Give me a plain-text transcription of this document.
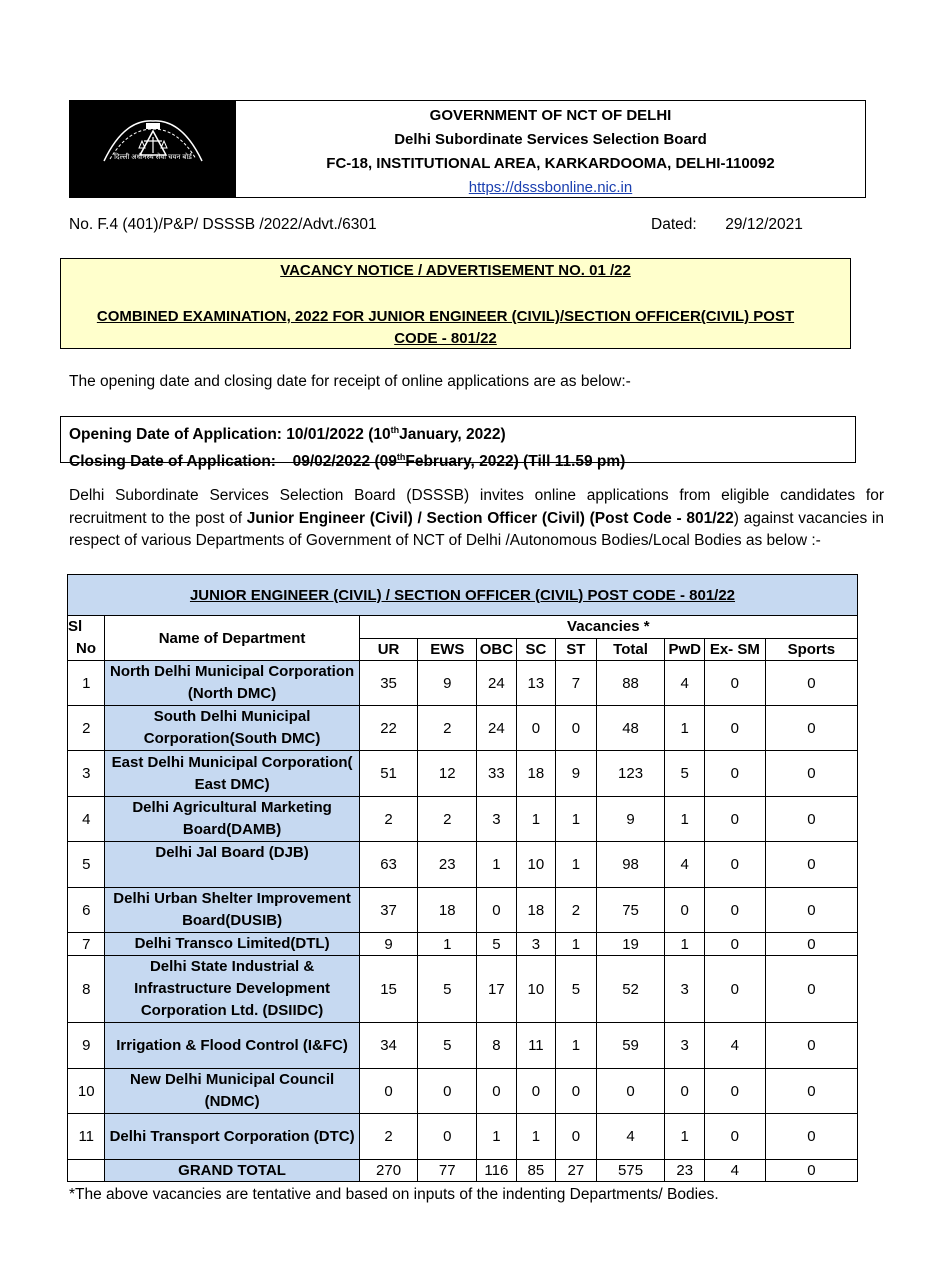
दिल्ली अधीनस्थ सेवा चयन बोर्ड
GOVERNMENT OF NCT OF DELHI
Delhi Subordinate Services Selection Board
FC-18, INSTITUTIONAL AREA, KARKARDOOMA, DELHI-110092
https://dsssbonline.nic.in
No. F.4 (401)/P&P/ DSSSB /2022/Advt./6301	Dated: 29/12/2021
VACANCY NOTICE / ADVERTISEMENT NO. 01 /22
COMBINED EXAMINATION, 2022 FOR JUNIOR ENGINEER (CIVIL)/SECTION OFFICER(CIVIL) POST CODE - 801/22
The opening date and closing date for receipt of online applications are as below:-
Opening Date of Application: 10/01/2022 (10thJanuary, 2022)
Closing Date of Application: 09/02/2022 (09thFebruary, 2022) (Till 11.59 pm)
Delhi Subordinate Services Selection Board (DSSSB) invites online applications from eligible candidates for recruitment to the post of Junior Engineer (Civil) / Section Officer (Civil) (Post Code - 801/22) against vacancies in respect of various Departments of Government of NCT of Delhi /Autonomous Bodies/Local Bodies as below :-
JUNIOR ENGINEER (CIVIL) / SECTION OFFICER (CIVIL) POST CODE - 801/22										
Sl
No	Name of Department	Vacancies *								
		UR	EWS	OBC	SC	ST	Total	PwD	Ex- SM	Sports
1	North Delhi Municipal Corporation (North DMC)	35	9	24	13	7	88	4	0	0
2	South Delhi Municipal Corporation(South DMC)	22	2	24	0	0	48	1	0	0
3	East Delhi Municipal Corporation( East DMC)	51	12	33	18	9	123	5	0	0
4	Delhi Agricultural Marketing Board(DAMB)	2	2	3	1	1	9	1	0	0
5	Delhi Jal Board (DJB)	63	23	1	10	1	98	4	0	0
6	Delhi Urban Shelter Improvement Board(DUSIB)	37	18	0	18	2	75	0	0	0
7	Delhi Transco Limited(DTL)	9	1	5	3	1	19	1	0	0
8	Delhi State Industrial & Infrastructure Development Corporation Ltd. (DSIIDC)	15	5	17	10	5	52	3	0	0
9	Irrigation & Flood Control (I&FC)	34	5	8	11	1	59	3	4	0
10	New Delhi Municipal Council (NDMC)	0	0	0	0	0	0	0	0	0
11	Delhi Transport Corporation (DTC)	2	0	1	1	0	4	1	0	0
	GRAND TOTAL	270	77	116	85	27	575	23	4	0
*The above vacancies are tentative and based on inputs of the indenting Departments/ Bodies.
